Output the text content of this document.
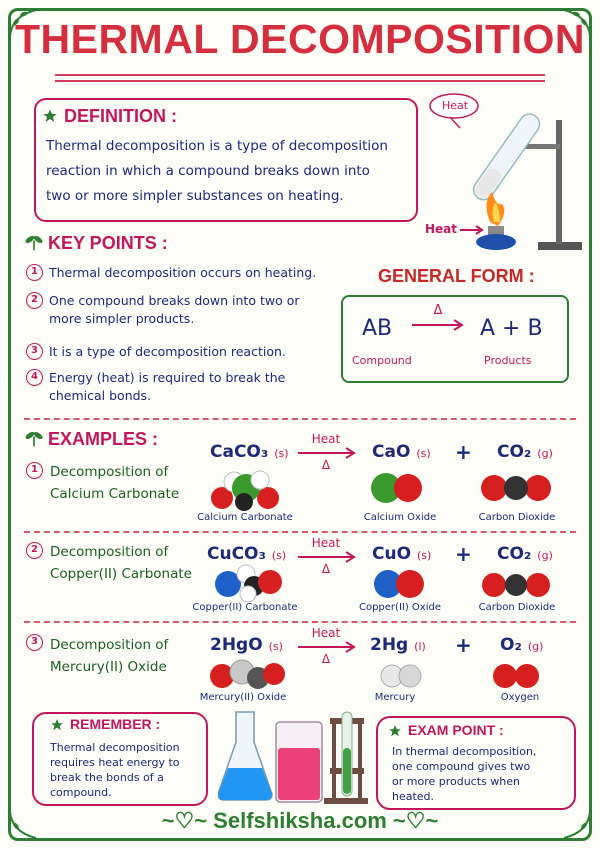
THERMAL DECOMPOSITION
DEFINITION :
Thermal decomposition is a type of decomposition
reaction in which a compound breaks down into
two or more simpler substances on heating.
Heat
Heat
KEY POINTS :
1 Thermal decomposition occurs on heating.
2 One compound breaks down into two or
more simpler products.
3 It is a type of decomposition reaction.
4 Energy (heat) is required to break the
chemical bonds.
GENERAL FORM :
AB
Δ
A + B
Compound	Products
EXAMPLES :
1 Decomposition of
Calcium Carbonate
CaCO₃ (s)
Heat
Δ
CaO (s) + CO₂ (g)
Calcium Carbonate	Calcium Oxide	Carbon Dioxide
2 Decomposition of
Copper(II) Carbonate
CuCO₃ (s)
Heat
Δ
CuO (s) + CO₂ (g)
Copper(II) Carbonate	Copper(II) Oxide	Carbon Dioxide
3 Decomposition of
Mercury(II) Oxide
2HgO (s)
Heat
Δ
2Hg (l) + O₂ (g)
Mercury(II) Oxide	Mercury	Oxygen
REMEMBER :
Thermal decomposition
requires heat energy to
break the bonds of a
compound.
EXAM POINT :
In thermal decomposition,
one compound gives two
or more products when
heated.
~♡~ Selfshiksha.com ~♡~
